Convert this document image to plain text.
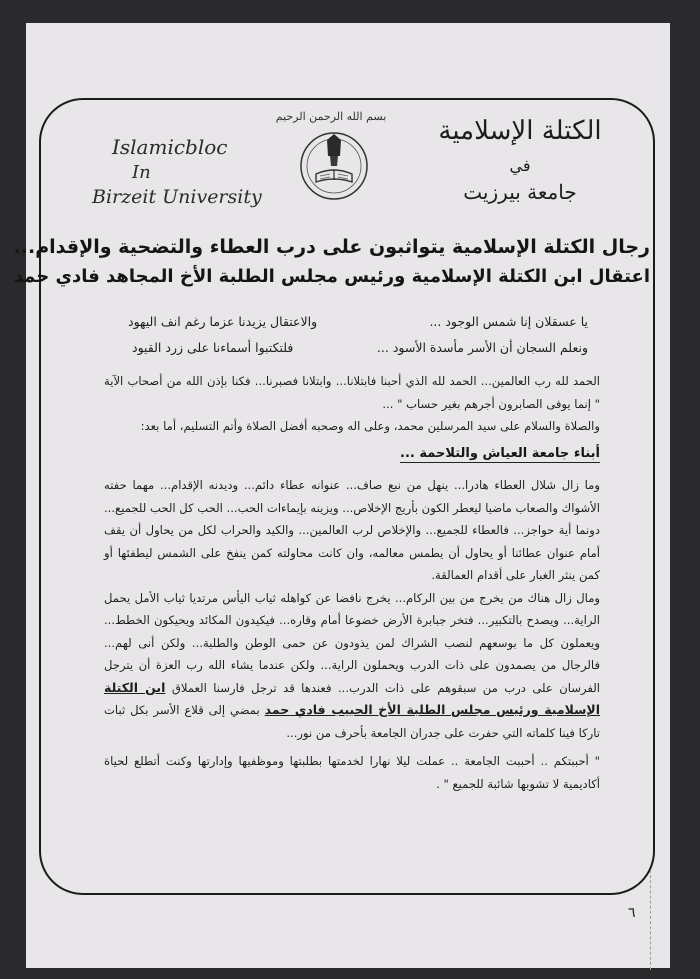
Islamicbloc
In
Birzeit University
بسم الله الرحمن الرحيم	الكتلة الإسلامية
في
جامعة بيرزيت
رجال الكتلة الإسلامية يتواثبون على درب العطاء والتضحية والإقدام...
اعتقال ابن الكتلة الإسلامية ورئيس مجلس الطلبة الأخ المجاهد فادي حمد
يا عسقلان إنا شمس الوجود ...
والاعتقال يزيدنا عزما رغم انف اليهود
ونعلم السجان أن الأسر مأسدة الأسود ...
فلتكتبوا أسماءنا على زرد القيود

الحمد لله رب العالمين... الحمد لله الذي أحبنا فابتلانا... وابتلانا فصبرنا... فكنا بإذن الله من أصحاب الآية " إنما يوفى الصابرون أجرهم بغير حساب " ...

والصلاة والسلام على سيد المرسلين محمد، وعلى اله وصحبه أفضل الصلاة وأتم التسليم، أما بعد:

أبناء جامعة العياش والتلاحمة ...

وما زال شلال العطاء هادرا... ينهل من نبع صاف... عنوانه عطاء دائم... وديدنه الإقدام... مهما حفته الأشواك والصعاب ماضيا ليعطر الكون بأريج الإخلاص... ويزينه بإيماءات الحب... الحب كل الحب للجميع... دونما أية حواجز... فالعطاء للجميع... والإخلاص لرب العالمين... والكيد والحراب لكل من يحاول أن يقف أمام عنوان عطائنا أو يحاول أن يطمس معالمه، وان كانت محاولته كمن ينفخ على الشمس ليطفئها أو كمن ينثر الغبار على أقدام العمالقة.

ومال زال هناك من يخرج من بين الركام... يخرج نافضا عن كواهله ثياب اليأس مرتديا ثياب الأمل يحمل الراية... ويصدح بالتكبير... فتخر جبابرة الأرض خضوعا أمام وقاره... فيكيدون المكائد ويحيكون الخطط... ويعملون كل ما بوسعهم لنصب الشراك لمن يذودون عن حمى الوطن والطلبة... ولكن أنى لهم... فالرجال من يصمدون على ذات الدرب ويحملون الراية... ولكن عندما يشاء الله رب العزة أن يترجل الفرسان على درب من سبقوهم على ذات الدرب... فعندها قد ترجل فارسنا العملاق ابن الكتلة الإسلامية ورئيس مجلس الطلبة الأخ الحبيب فادي حمد بمضي إلى قلاع الأسر بكل ثبات تاركا فينا كلماته التي حفرت على جدران الجامعة بأحرف من نور...

" أحببتكم .. أحببت الجامعة .. عملت ليلا نهارا لخدمتها بطلبتها وموظفيها وإدارتها وكنت أتطلع لحياة أكاديمية لا تشوبها شائبة للجميع " .

٦
